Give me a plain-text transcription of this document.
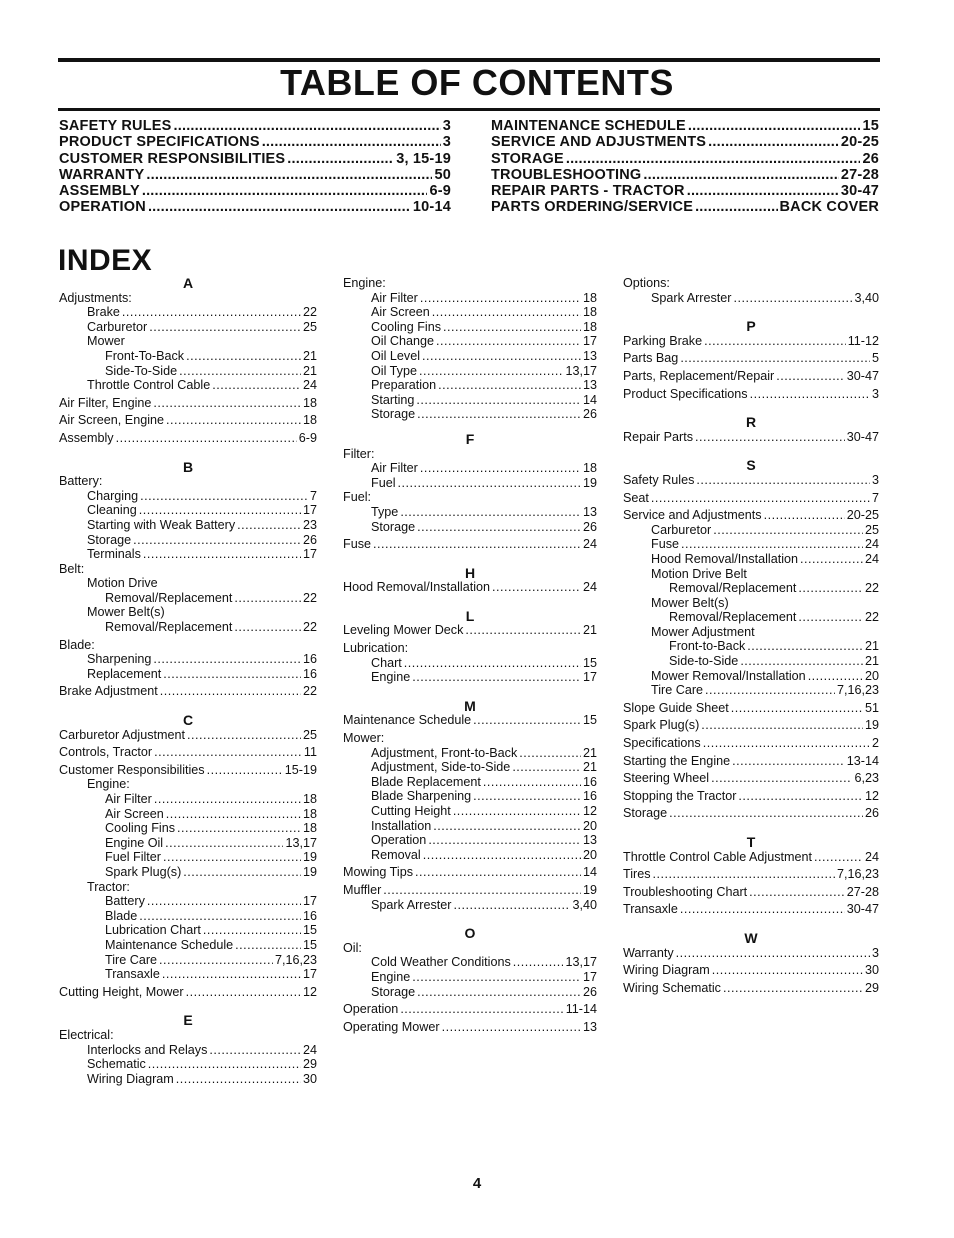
TABLE OF CONTENTS
SAFETY RULES .....	3
PRODUCT SPECIFICATIONS .....	3
CUSTOMER RESPONSIBILITIES .....	3, 15-19
WARRANTY .....	50
ASSEMBLY .....	6-9
OPERATION .....	10-14
MAINTENANCE SCHEDULE .....	15
SERVICE AND ADJUSTMENTS .....	20-25
STORAGE .....	26
TROUBLESHOOTING .....	27-28
REPAIR PARTS - TRACTOR .....	30-47
PARTS ORDERING/SERVICE .....	BACK COVER
INDEX
A
Adjustments:
Brake .....	22
Carburetor .....	25
Mower
Front-To-Back .....	21
Side-To-Side .....	21
Throttle Control Cable .....	24
Air Filter, Engine .....	18
Air Screen, Engine .....	18
Assembly .....	6-9
B
Battery:
Charging .....	7
Cleaning .....	17
Starting with Weak Battery .....	23
Storage .....	26
Terminals .....	17
Belt:
Motion Drive
Removal/Replacement .....	22
Mower Belt(s)
Removal/Replacement .....	22
Blade:
Sharpening .....	16
Replacement .....	16
Brake Adjustment .....	22
C
Carburetor Adjustment .....	25
Controls, Tractor .....	11
Customer Responsibilities .....	15-19
Engine:
Air Filter .....	18
Air Screen .....	18
Cooling Fins .....	18
Engine Oil .....	13,17
Fuel Filter .....	19
Spark Plug(s) .....	19
Tractor:
Battery .....	17
Blade .....	16
Lubrication Chart .....	15
Maintenance Schedule .....	15
Tire Care .....	7,16,23
Transaxle .....	17
Cutting Height, Mower .....	12
E
Electrical:
Interlocks and Relays .....	24
Schematic .....	29
Wiring Diagram .....	30
Engine:
Air Filter .....	18
Air Screen .....	18
Cooling Fins .....	18
Oil Change .....	17
Oil Level .....	13
Oil Type .....	13,17
Preparation .....	13
Starting .....	14
Storage .....	26
F
Filter:
Air Filter .....	18
Fuel .....	19
Fuel:
Type .....	13
Storage .....	26
Fuse .....	24
H
Hood Removal/Installation .....	24
L
Leveling Mower Deck .....	21
Lubrication:
Chart .....	15
Engine .....	17
M
Maintenance Schedule .....	15
Mower:
Adjustment, Front-to-Back .....	21
Adjustment, Side-to-Side .....	21
Blade Replacement .....	16
Blade Sharpening .....	16
Cutting Height .....	12
Installation .....	20
Operation .....	13
Removal .....	20
Mowing Tips .....	14
Muffler .....	19
Spark Arrester .....	3,40
O
Oil:
Cold Weather Conditions .....	13,17
Engine .....	17
Storage .....	26
Operation .....	11-14
Operating Mower .....	13
Options:
Spark Arrester .....	3,40
P
Parking Brake .....	11-12
Parts Bag .....	5
Parts, Replacement/Repair .....	30-47
Product Specifications .....	3
R
Repair Parts .....	30-47
S
Safety Rules .....	3
Seat .....	7
Service and Adjustments .....	20-25
Carburetor .....	25
Fuse .....	24
Hood Removal/Installation .....	24
Motion Drive Belt
Removal/Replacement .....	22
Mower Belt(s)
Removal/Replacement .....	22
Mower Adjustment
Front-to-Back .....	21
Side-to-Side .....	21
Mower Removal/Installation .....	20
Tire Care .....	7,16,23
Slope Guide Sheet .....	51
Spark Plug(s) .....	19
Specifications .....	2
Starting the Engine .....	13-14
Steering Wheel .....	6,23
Stopping the Tractor .....	12
Storage .....	26
T
Throttle Control Cable Adjustment .....	24
Tires .....	7,16,23
Troubleshooting Chart .....	27-28
Transaxle .....	30-47
W
Warranty .....	3
Wiring Diagram .....	30
Wiring Schematic .....	29
4
